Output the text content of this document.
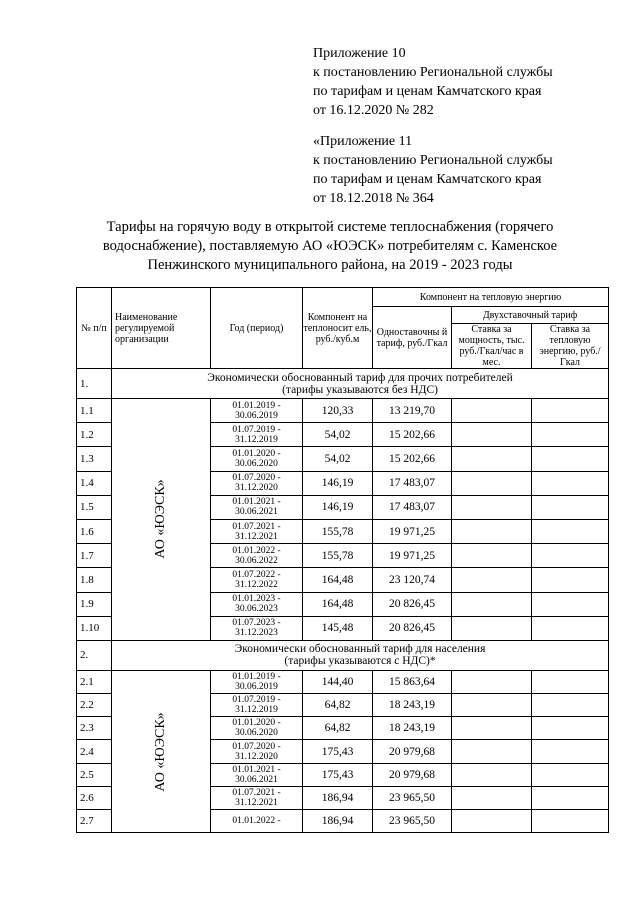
Приложение 10
к постановлению Региональной службы
по тарифам и ценам Камчатского края
от 16.12.2020 № 282
«Приложение 11
к постановлению Региональной службы
по тарифам и ценам Камчатского края
от 18.12.2018 № 364
Тарифы на горячую воду в открытой системе теплоснабжения (горячего
водоснабжение), поставляемую АО «ЮЭСК» потребителям с. Каменское
Пенжинского муниципального района, на 2019 - 2023 годы
№ п/п	Наименование регулируемой организации	Год (период)	Компонент на теплоносит ель, руб./куб.м	Компонент на тепловую энергию		
				Одноставочны й тариф, руб./Гкал	Двухставочный тариф	
					Ставка за мощность, тыс. руб./Гкал/час в мес.	Ставка за тепловую энергию, руб./Гкал
1.	Экономически обоснованный тариф для прочих потребителей
(тарифы указываются без НДС)					

1.1	АО «ЮЭСК»	01.01.2019 -
30.06.2019	120,33	13 219,70		
1.2		01.07.2019 -
31.12.2019	54,02	15 202,66		
1.3		01.01.2020 -
30.06.2020	54,02	15 202,66		
1.4		01.07.2020 -
31.12.2020	146,19	17 483,07		
1.5		01.01.2021 -
30.06.2021	146,19	17 483,07		
1.6		01.07.2021 -
31.12.2021	155,78	19 971,25		
1.7		01.01.2022 -
30.06.2022	155,78	19 971,25		
1.8		01.07.2022 -
31.12.2022	164,48	23 120,74		
1.9		01.01.2023 -
30.06.2023	164,48	20 826,45		
1.10		01.07.2023 -
31.12.2023	145,48	20 826,45		
2.	Экономически обоснованный тариф для населения
(тарифы указываются с НДС)*					

2.1	АО «ЮЭСК»	01.01.2019 -
30.06.2019	144,40	15 863,64		
2.2		01.07.2019 -
31.12.2019	64,82	18 243,19		
2.3		01.01.2020 -
30.06.2020	64,82	18 243,19		
2.4		01.07.2020 -
31.12.2020	175,43	20 979,68		
2.5		01.01.2021 -
30.06.2021	175,43	20 979,68		
2.6		01.07.2021 -
31.12.2021	186,94	23 965,50		
2.7		01.01.2022 -	186,94	23 965,50		
